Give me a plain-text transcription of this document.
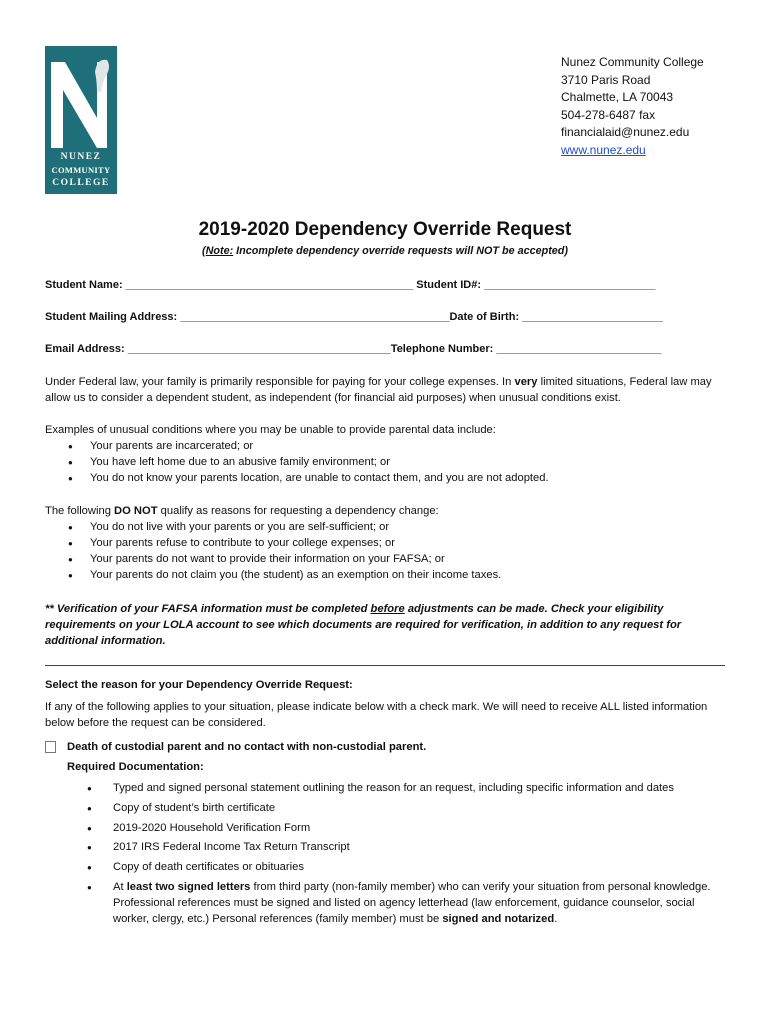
NUNEZ
COMMUNITY
COLLEGE
Nunez Community College
3710 Paris Road
Chalmette, LA 70043
504-278-6487 fax
financialaid@nunez.edu
www.nunez.edu
2019-2020 Dependency Override Request
(Note: Incomplete dependency override requests will NOT be accepted)
Student Name: _______________________________________________ Student ID#: ____________________________
Student Mailing Address: ____________________________________________Date of Birth: _______________________
Email Address: ___________________________________________Telephone Number: ___________________________
Under Federal law, your family is primarily responsible for paying for your college expenses. In very limited situations, Federal law may allow us to consider a dependent student, as independent (for financial aid purposes) when unusual conditions exist.
Examples of unusual conditions where you may be unable to provide parental data include:
● Your parents are incarcerated; or
● You have left home due to an abusive family environment; or
● You do not know your parents location, are unable to contact them, and you are not adopted.
The following DO NOT qualify as reasons for requesting a dependency change:
● You do not live with your parents or you are self-sufficient; or
● Your parents refuse to contribute to your college expenses; or
● Your parents do not want to provide their information on your FAFSA; or
● Your parents do not claim you (the student) as an exemption on their income taxes.
** Verification of your FAFSA information must be completed before adjustments can be made. Check your eligibility requirements on your LOLA account to see which documents are required for verification, in addition to any request for additional information.
Select the reason for your Dependency Override Request:
If any of the following applies to your situation, please indicate below with a check mark. We will need to receive ALL listed information below before the request can be considered.
Death of custodial parent and no contact with non-custodial parent.
Required Documentation:
● Typed and signed personal statement outlining the reason for an request, including specific information and dates
● Copy of student’s birth certificate
● 2019-2020 Household Verification Form
● 2017 IRS Federal Income Tax Return Transcript
● Copy of death certificates or obituaries
● At least two signed letters from third party (non-family member) who can verify your situation from personal knowledge. Professional references must be signed and listed on agency letterhead (law enforcement, guidance counselor, social worker, clergy, etc.) Personal references (family member) must be signed and notarized.
